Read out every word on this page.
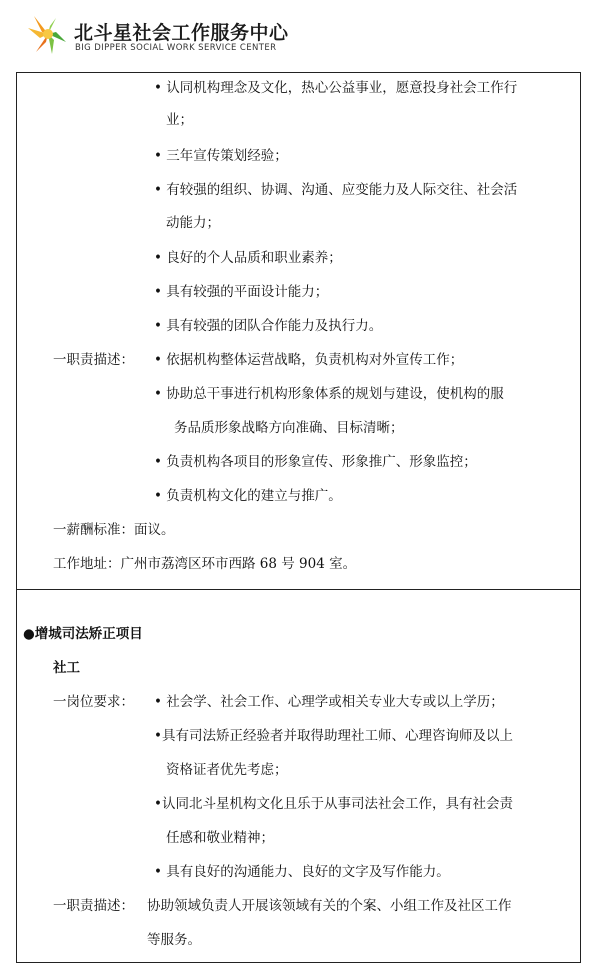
北斗星社会工作服务中心
BIG DIPPER SOCIAL WORK SERVICE CENTER
• 认同机构理念及文化，热心公益事业，愿意投身社会工作行
业；
• 三年宣传策划经验；
• 有较强的组织、协调、沟通、应变能力及人际交往、社会活
动能力；
• 良好的个人品质和职业素养；
• 具有较强的平面设计能力；
• 具有较强的团队合作能力及执行力。
一职责描述： • 依据机构整体运营战略，负责机构对外宣传工作；
• 协助总干事进行机构形象体系的规划与建设，使机构的服
务品质形象战略方向准确、目标清晰；
• 负责机构各项目的形象宣传、形象推广、形象监控；
• 负责机构文化的建立与推广。
一薪酬标准：面议。
工作地址：广州市荔湾区环市西路 68 号 904 室。
●增城司法矫正项目
社工
一岗位要求： • 社会学、社会工作、心理学或相关专业大专或以上学历；
•具有司法矫正经验者并取得助理社工师、心理咨询师及以上
资格证者优先考虑；
•认同北斗星机构文化且乐于从事司法社会工作，具有社会责
任感和敬业精神；
• 具有良好的沟通能力、良好的文字及写作能力。
一职责描述： 协助领域负责人开展该领域有关的个案、小组工作及社区工作
等服务。
